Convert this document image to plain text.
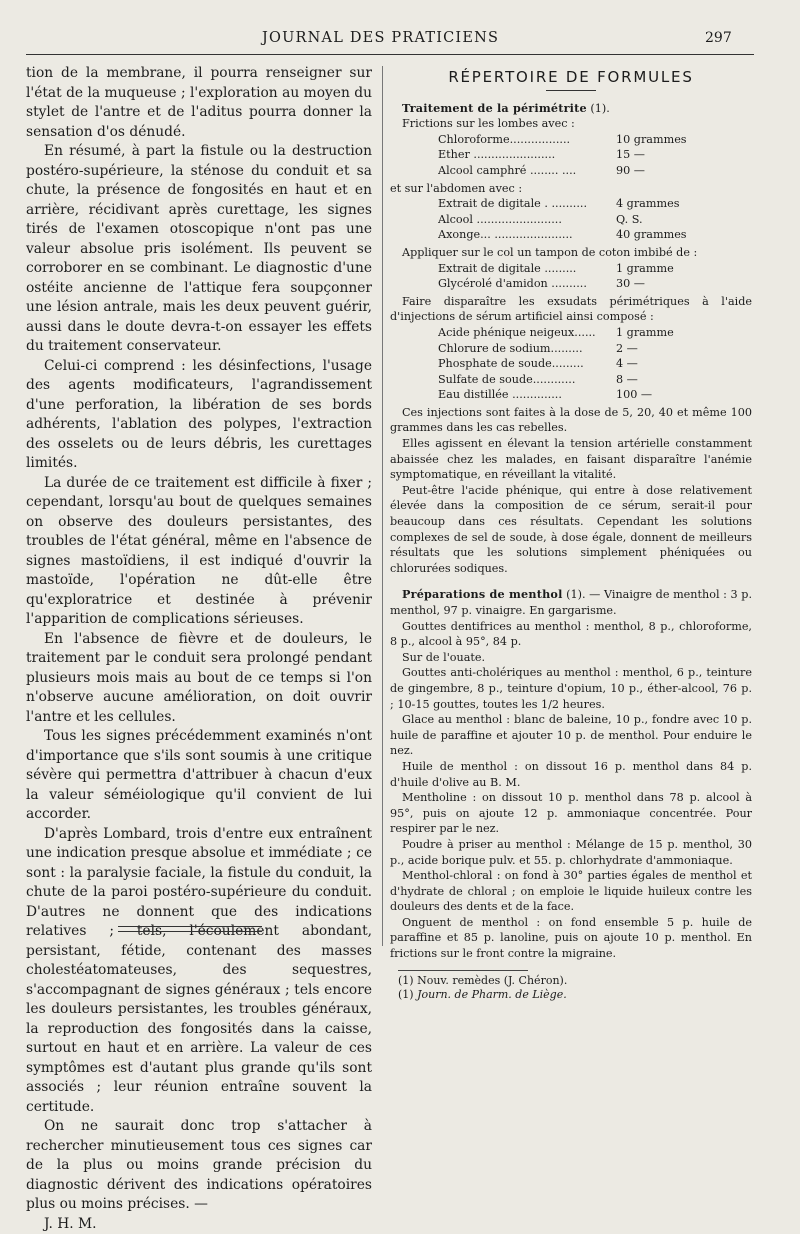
JOURNAL DES PRATICIENS	297

tion de la membrane, il pourra renseigner sur l'état de la muqueuse ; l'exploration au moyen du stylet de l'antre et de l'aditus pourra donner la sensation d'os dénudé.

En résumé, à part la fistule ou la destruction postéro-supérieure, la sténose du conduit et sa chute, la présence de fongosités en haut et en arrière, récidivant après curettage, les signes tirés de l'examen otoscopique n'ont pas une valeur absolue pris isolément. Ils peuvent se corroborer en se combinant. Le diagnostic d'une ostéite ancienne de l'attique fera soupçonner une lésion antrale, mais les deux peuvent guérir, aussi dans le doute devra-t-on essayer les effets du traitement conservateur.

Celui-ci comprend : les désinfections, l'usage des agents modificateurs, l'agrandissement d'une perforation, la libération de ses bords adhérents, l'ablation des polypes, l'extraction des osselets ou de leurs débris, les curettages limités.

La durée de ce traitement est difficile à fixer ; cependant, lorsqu'au bout de quelques semaines on observe des douleurs persistantes, des troubles de l'état général, même en l'absence de signes mastoïdiens, il est indiqué d'ouvrir la mastoïde, l'opération ne dût-elle être qu'exploratrice et destinée à prévenir l'apparition de complications sérieuses.

En l'absence de fièvre et de douleurs, le traitement par le conduit sera prolongé pendant plusieurs mois mais au bout de ce temps si l'on n'observe aucune amélioration, on doit ouvrir l'antre et les cellules.

Tous les signes précédemment examinés n'ont d'importance que s'ils sont soumis à une critique sévère qui permettra d'attribuer à chacun d'eux la valeur séméiologique qu'il convient de lui accorder.

D'après Lombard, trois d'entre eux entraînent une indication presque absolue et immédiate ; ce sont : la paralysie faciale, la fistule du conduit, la chute de la paroi postéro-supérieure du conduit. D'autres ne donnent que des indications relatives ; tels, l'écoulement abondant, persistant, fétide, contenant des masses cholestéatomateuses, des sequestres, s'accompagnant de signes généraux ; tels encore les douleurs persistantes, les troubles généraux, la reproduction des fongosités dans la caisse, surtout en haut et en arrière. La valeur de ces symptômes est d'autant plus grande qu'ils sont associés ; leur réunion entraîne souvent la certitude.

On ne saurait donc trop s'attacher à rechercher minutieusement tous ces signes car de la plus ou moins grande précision du diagnostic dérivent des indications opératoires plus ou moins précises. —

J. H. M.

RÉPERTOIRE DE FORMULES

Traitement de la périmétrite (1).

Frictions sur les lombes avec :

Chloroforme.................	10 grammes
Ether .......................	15 —
Alcool camphré ........ ....	90 —

et sur l'abdomen avec :

Extrait de digitale . ..........	4 grammes
Alcool ........................	Q. S.
Axonge... ......................	40 grammes

Appliquer sur le col un tampon de coton imbibé de :

Extrait de digitale .........	1 gramme
Glycérolé d'amidon ..........	30 —

Faire disparaître les exsudats périmétriques à l'aide d'injections de sérum artificiel ainsi composé :

Acide phénique neigeux......	1 gramme
Chlorure de sodium.........	2 —
Phosphate de soude.........	4 —
Sulfate de soude............	8 —
Eau distillée ..............	100 —

Ces injections sont faites à la dose de 5, 20, 40 et même 100 grammes dans les cas rebelles.

Elles agissent en élevant la tension artérielle constamment abaissée chez les malades, en faisant disparaître l'anémie symptomatique, en réveillant la vitalité.

Peut-être l'acide phénique, qui entre à dose relativement élevée dans la composition de ce sérum, serait-il pour beaucoup dans ces résultats. Cependant les solutions complexes de sel de soude, à dose égale, donnent de meilleurs résultats que les solutions simplement phéniquées ou chlorurées sodiques.

Préparations de menthol (1). — Vinaigre de menthol : 3 p. menthol, 97 p. vinaigre. En gargarisme.

Gouttes dentifrices au menthol : menthol, 8 p., chloroforme, 8 p., alcool à 95°, 84 p.

Sur de l'ouate.

Gouttes anti-cholériques au menthol : menthol, 6 p., teinture de gingembre, 8 p., teinture d'opium, 10 p., éther-alcool, 76 p. ; 10-15 gouttes, toutes les 1/2 heures.

Glace au menthol : blanc de baleine, 10 p., fondre avec 10 p. huile de paraffine et ajouter 10 p. de menthol. Pour enduire le nez.

Huile de menthol : on dissout 16 p. menthol dans 84 p. d'huile d'olive au B. M.

Mentholine : on dissout 10 p. menthol dans 78 p. alcool à 95°, puis on ajoute 12 p. ammoniaque concentrée. Pour respirer par le nez.

Poudre à priser au menthol : Mélange de 15 p. menthol, 30 p., acide borique pulv. et 55. p. chlorhydrate d'ammoniaque.

Menthol-chloral : on fond à 30° parties égales de menthol et d'hydrate de chloral ; on emploie le liquide huileux contre les douleurs des dents et de la face.

Onguent de menthol : on fond ensemble 5 p. huile de paraffine et 85 p. lanoline, puis on ajoute 10 p. menthol. En frictions sur le front contre la migraine.

(1) Nouv. remèdes (J. Chéron).

(1) Journ. de Pharm. de Liège.
